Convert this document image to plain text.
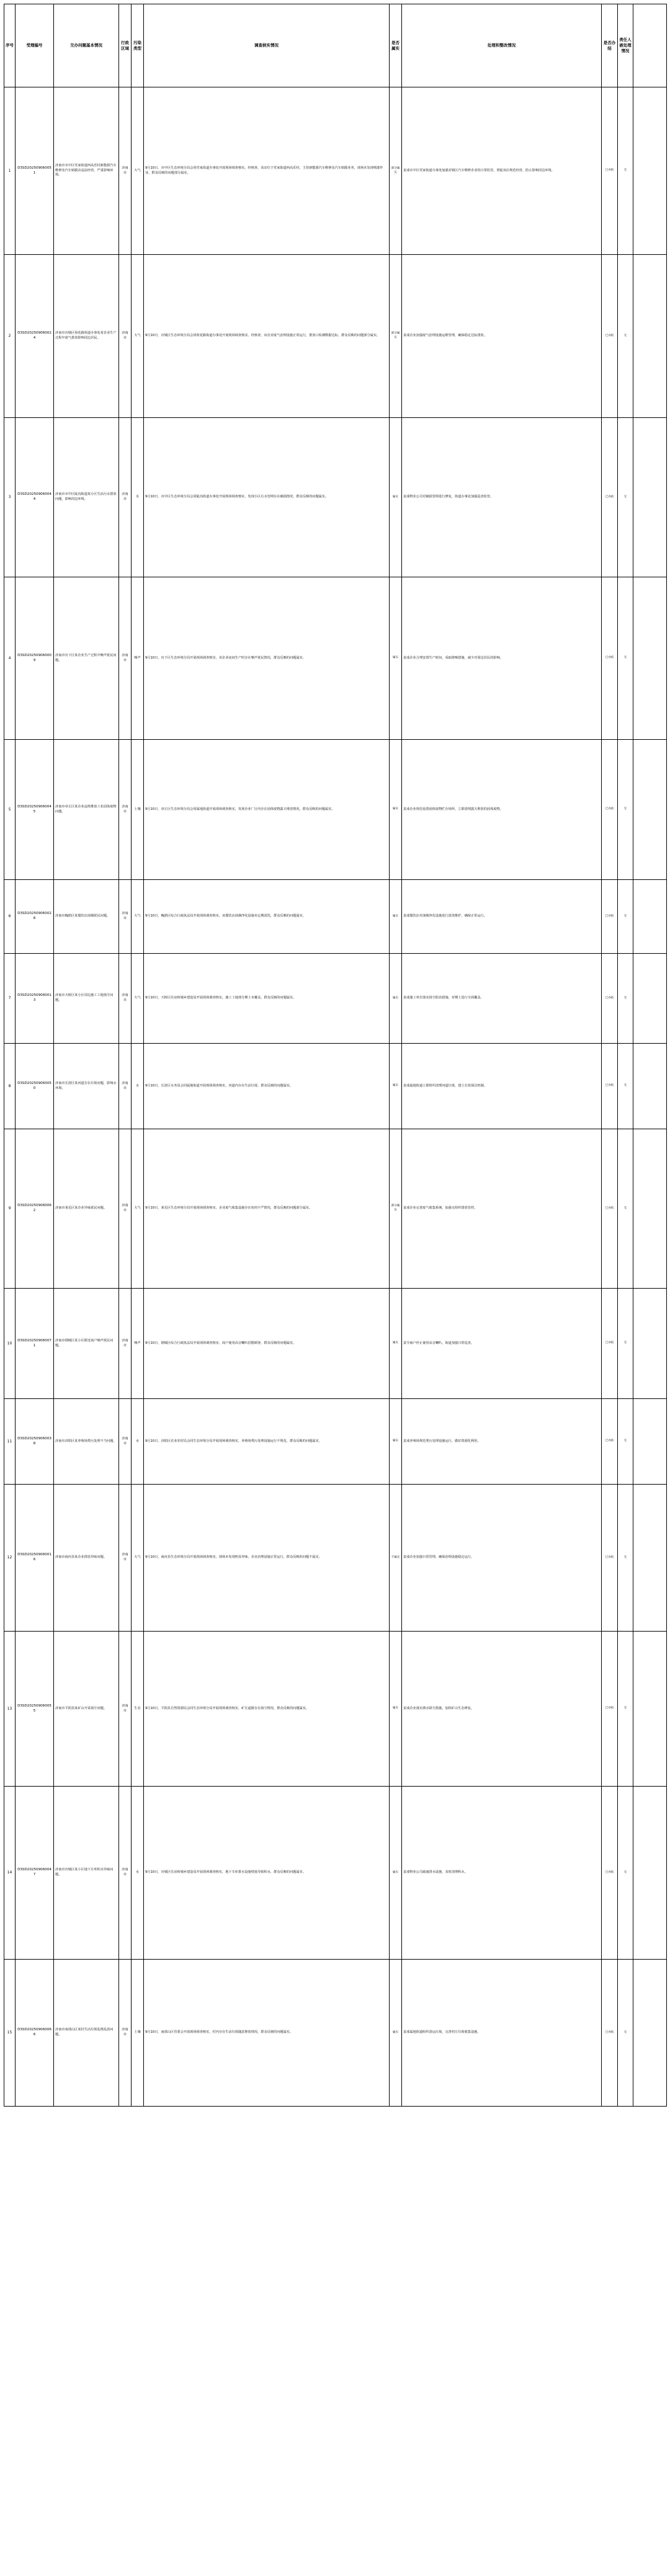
序号	受理编号	交办问题基本情况	行政区域	污染类型	调查核实情况	是否属实	处理和整改情况	是否办结	责任人被处理情况	
1	D3SD202509060051	济南市市中区党家街道西高乐村新能源汽车维修及汽车贴膜店违法经营，严重影响环境。	济南市	大气	9月10日，市中区生态环境分局会同党家街道办事处开展现场调查核实。经核查，该店位于党家街道西高乐村，主营新能源汽车维修及汽车贴膜业务，现场未发现喷漆作业，群众反映的问题部分属实。	部分属实	责成市中区党家街道办事处加强对辖区汽车维修企业的日常监管，督促该店规范经营，防止影响周边环境。	已办结	无	
2	D3SD202509060024	济南市历城区荷花路街道办事处某企业生产过程中废气排放影响周边居民。	济南市	大气	9月10日，历城区生态环境分局会同荷花路街道办事处开展现场调查核实。经核查，该企业废气治理设施正常运行，排放口检测数据达标，群众反映的问题部分属实。	部分属实	责成企业加强废气治理设施运维管理，确保稳定达标排放。	已办结	无	
3	D3SD202509060044	济南市市中区陡沟街道某小区生活污水排放问题，影响周边环境。	济南市	水	9月10日，市中区生态环境分局会同陡沟街道办事处开展现场调查核实，发现小区污水管网存在破损情况，群众反映的问题属实。	属实	责成物业公司对破损管网进行修复，街道办事处加强巡查监管。	已办结	无	
4	D3SD202509060009	济南市历下区某企业生产过程中噪声扰民问题。	济南市	噪声	9月10日，历下区生态环境分局开展现场调查核实，该企业夜间生产时存在噪声扰民情况，群众反映的问题属实。	属实	责成企业合理安排生产时间，采取降噪措施，减少对周边居民的影响。	已办结	无	
5	D3SD202509060045	济南市章丘区某企业违规堆放工业固体废物问题。	济南市	土壤	9月10日，章丘区生态环境分局会同属地街道开展现场调查核实，发现企业厂区内存在固体废物露天堆放情况，群众反映的问题属实。	属实	责成企业规范设置固体废物贮存场所，立即清理露天堆放的固体废物。	已办结	无	
6	D3SD202509060028	济南市槐荫区某餐饮店油烟扰民问题。	济南市	大气	9月10日，槐荫区综合行政执法局开展现场调查核实，该餐饮店油烟净化设施未定期清洗，群众反映的问题属实。	属实	责成餐饮店对油烟净化设施进行清洗维护，确保正常运行。	已办结	无	
7	D3SD202509060013	济南市天桥区某小区周边施工工地扬尘问题。	济南市	大气	9月10日，天桥区住房和城乡建设局开展现场调查核实，施工工地部分裸土未覆盖，群众反映的问题属实。	属实	责成施工单位落实扬尘防治措施，对裸土进行全面覆盖。	已办结	无	
8	D3SD202509060050	济南市长清区某河道存在垃圾问题，影响水环境。	济南市	水	9月10日，长清区水务局会同属地街道开展现场调查核实，河道内存在生活垃圾，群众反映的问题属实。	属实	责成属地街道立即组织清理河道垃圾，建立长效保洁机制。	已办结	无	
9	D3SD202509060062	济南市莱芜区某企业异味扰民问题。	济南市	大气	9月10日，莱芜区生态环境分局开展现场调查核实，企业废气收集设施存在密闭不严情况，群众反映的问题部分属实。	部分属实	责成企业完善废气收集系统，加强无组织排放管控。	已办结	无	
10	D3SD202509060071	济南市钢城区某小区附近商户噪声扰民问题。	济南市	噪声	9月10日，钢城区综合行政执法局开展现场调查核实，商户使用高音喇叭招揽顾客，群众反映的问题属实。	属实	责令商户停止使用高音喇叭，街道加强日常巡查。	已办结	无	
11	D3SD202509060038	济南市济阳区某养殖场粪污处理不当问题。	济南市	水	9月10日，济阳区农业农村局会同生态环境分局开展现场调查核实，养殖场粪污处理设施运行不规范，群众反映的问题属实。	属实	责成养殖场规范粪污处理设施运行，做好资源化利用。	已办结	无	
12	D3SD202509060016	济南市商河县某企业排放异味问题。	济南市	大气	9月10日，商河县生态环境分局开展现场调查核实，现场未发现明显异味，企业治理设施正常运行，群众反映的问题不属实。	不属实	责成企业加强日常管理，确保治理设施稳定运行。	已办结	无	
13	D3SD202509060055	济南市平阴县某矿山开采扬尘问题。	济南市	生态	9月10日，平阴县自然资源局会同生态环境分局开展现场调查核实，矿区道路存在扬尘情况，群众反映的问题属实。	属实	责成企业落实洒水降尘措施，加快矿山生态修复。	已办结	无	
14	D3SD202509060047	济南市历城区某小区地下车库积水异味问题。	济南市	水	9月10日，历城区住房和城乡建设局开展现场调查核实，地下车库排水设施堵塞导致积水，群众反映的问题属实。	属实	责成物业公司疏通排水设施，及时清理积水。	已办结	无	
15	D3SD202509060066	济南市南部山区某村生活垃圾乱堆乱放问题。	济南市	土壤	9月10日，南部山区管委会开展现场调查核实，村内存在生活垃圾随意堆放情况，群众反映的问题属实。	属实	责成属地街道组织清运垃圾，完善村庄垃圾收集设施。	已办结	无	
